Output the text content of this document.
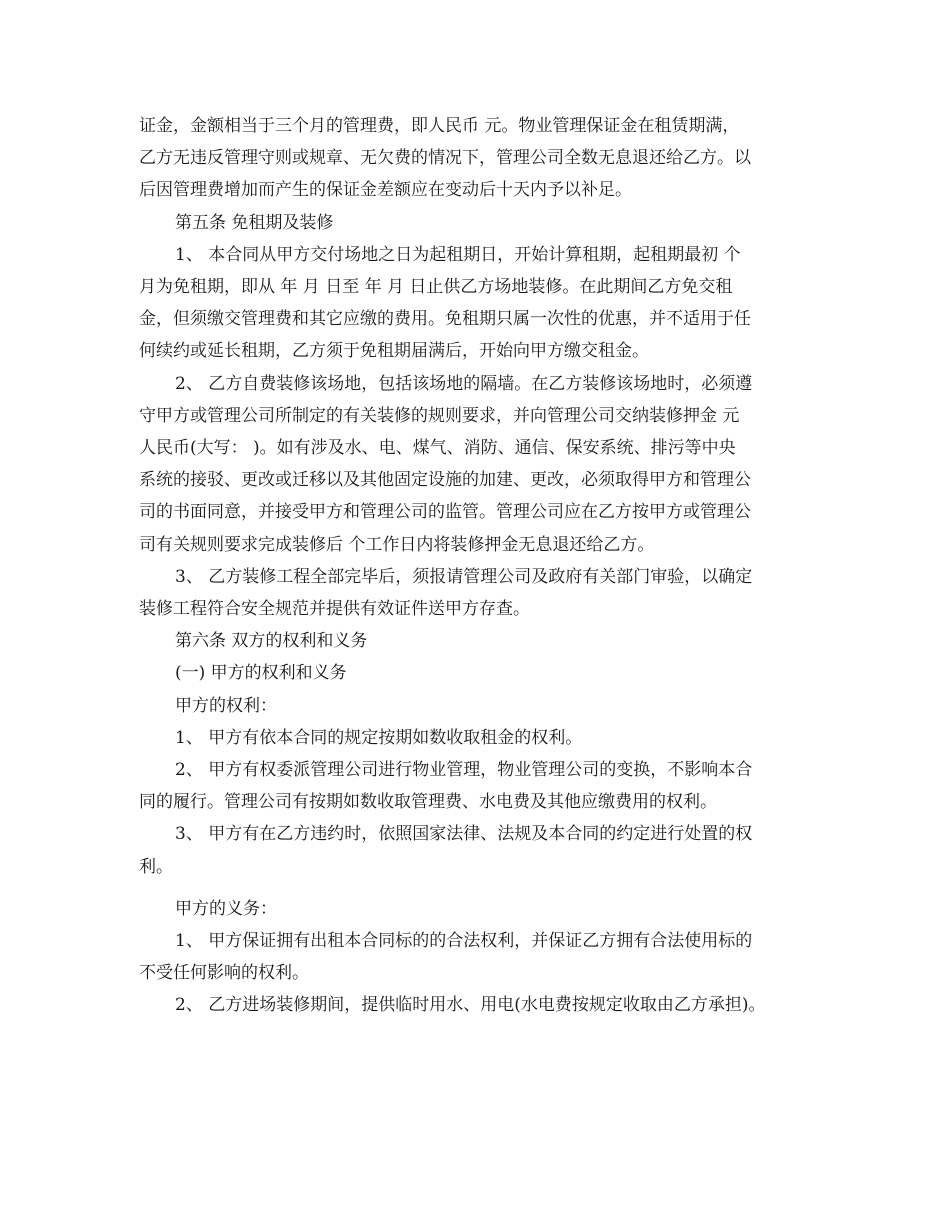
证金，金额相当于三个月的管理费，即人民币 元。物业管理保证金在租赁期满，

乙方无违反管理守则或规章、无欠费的情况下，管理公司全数无息退还给乙方。以

后因管理费增加而产生的保证金差额应在变动后十天内予以补足。

第五条 免租期及装修

1、 本合同从甲方交付场地之日为起租期日，开始计算租期，起租期最初 个

月为免租期，即从 年 月 日至 年 月 日止供乙方场地装修。在此期间乙方免交租

金，但须缴交管理费和其它应缴的费用。免租期只属一次性的优惠，并不适用于任

何续约或延长租期，乙方须于免租期届满后，开始向甲方缴交租金。

2、 乙方自费装修该场地，包括该场地的隔墙。在乙方装修该场地时，必须遵

守甲方或管理公司所制定的有关装修的规则要求，并向管理公司交纳装修押金 元

人民币(大写： )。如有涉及水、电、煤气、消防、通信、保安系统、排污等中央

系统的接驳、更改或迁移以及其他固定设施的加建、更改，必须取得甲方和管理公

司的书面同意，并接受甲方和管理公司的监管。管理公司应在乙方按甲方或管理公

司有关规则要求完成装修后 个工作日内将装修押金无息退还给乙方。

3、 乙方装修工程全部完毕后，须报请管理公司及政府有关部门审验，以确定

装修工程符合安全规范并提供有效证件送甲方存查。

第六条 双方的权利和义务

(一) 甲方的权利和义务

甲方的权利：

1、 甲方有依本合同的规定按期如数收取租金的权利。

2、 甲方有权委派管理公司进行物业管理，物业管理公司的变换，不影响本合

同的履行。管理公司有按期如数收取管理费、水电费及其他应缴费用的权利。

3、 甲方有在乙方违约时，依照国家法律、法规及本合同的约定进行处置的权

利。

甲方的义务：

1、 甲方保证拥有出租本合同标的的合法权利，并保证乙方拥有合法使用标的

不受任何影响的权利。

2、 乙方进场装修期间，提供临时用水、用电(水电费按规定收取由乙方承担)。
